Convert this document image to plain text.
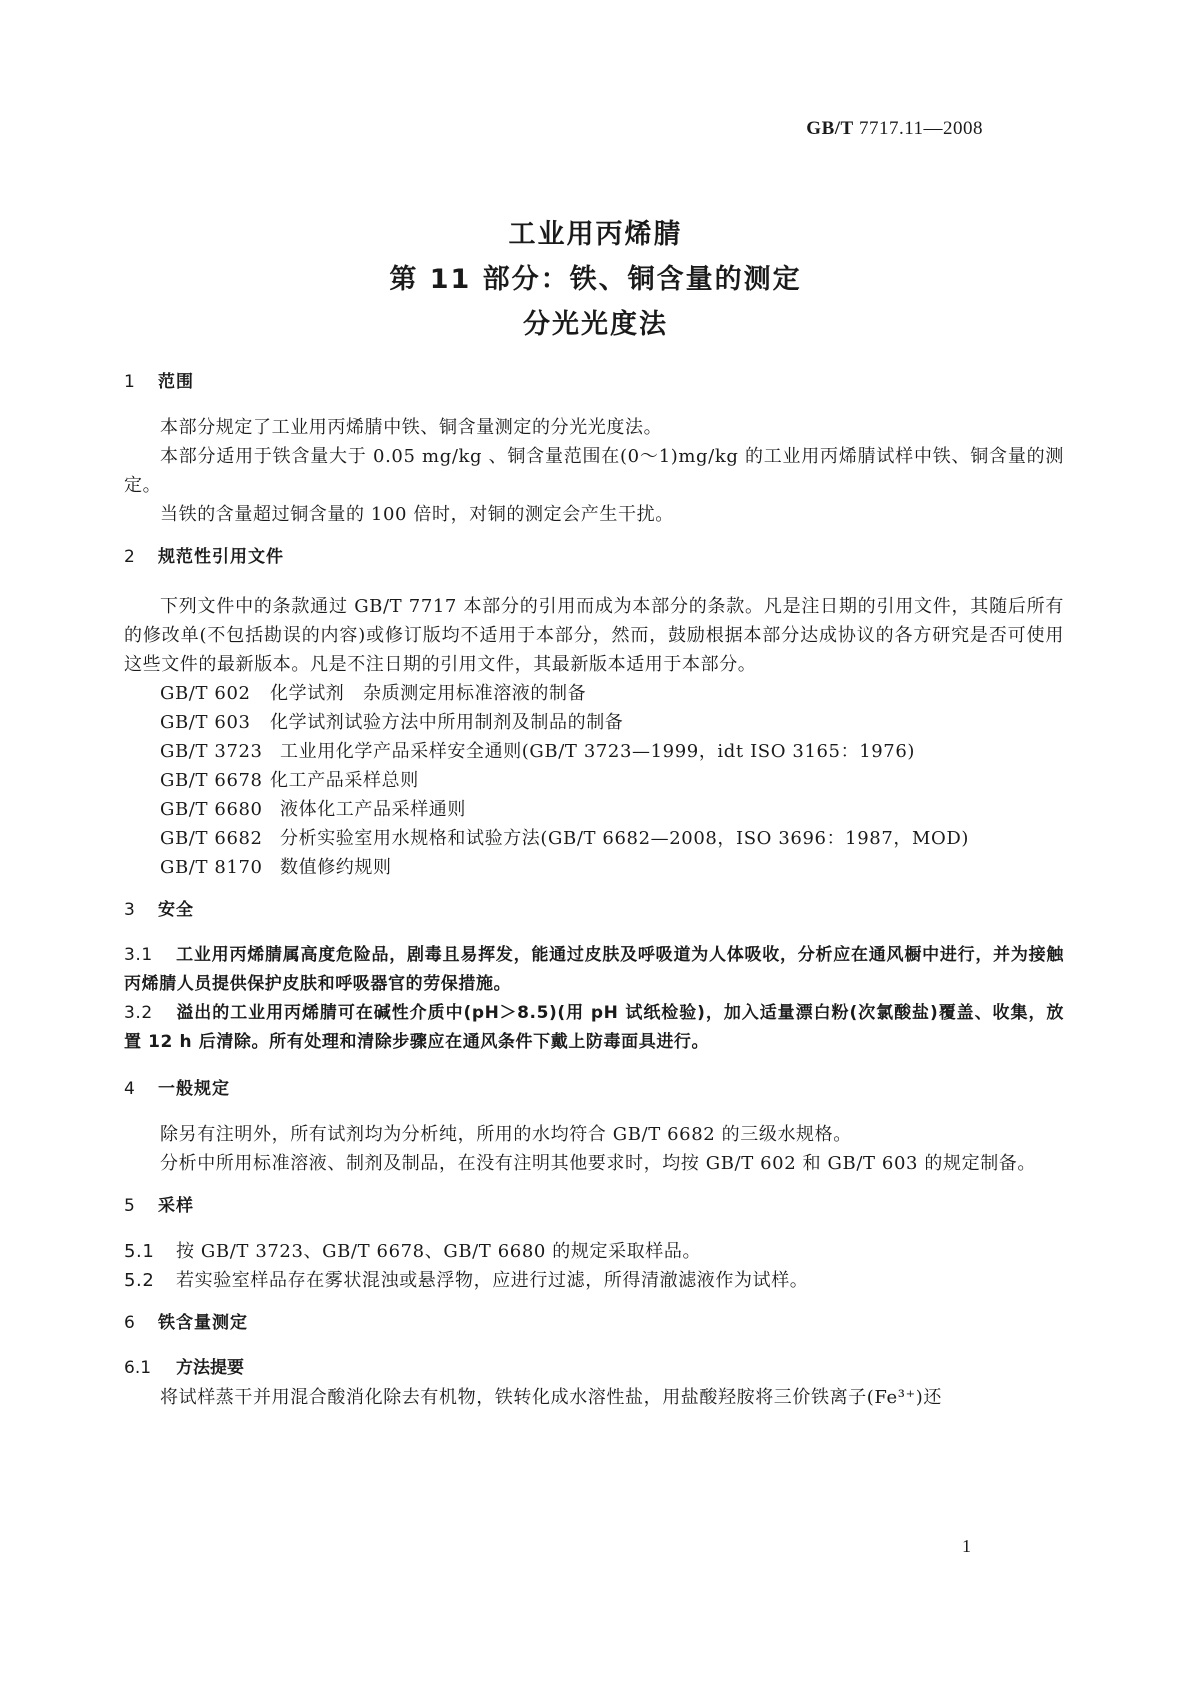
GB/T 7717.11—2008
工业用丙烯腈
第 11 部分：铁、铜含量的测定
分光光度法

1 范围

本部分规定了工业用丙烯腈中铁、铜含量测定的分光光度法。

本部分适用于铁含量大于 0.05 mg/kg 、铜含量范围在(0～1)mg/kg 的工业用丙烯腈试样中铁、铜含量的测定。

当铁的含量超过铜含量的 100 倍时，对铜的测定会产生干扰。

2 规范性引用文件

下列文件中的条款通过 GB/T 7717 本部分的引用而成为本部分的条款。凡是注日期的引用文件，其随后所有的修改单(不包括勘误的内容)或修订版均不适用于本部分，然而，鼓励根据本部分达成协议的各方研究是否可使用这些文件的最新版本。凡是不注日期的引用文件，其最新版本适用于本部分。

GB/T 602 化学试剂　杂质测定用标准溶液的制备

GB/T 603 化学试剂试验方法中所用制剂及制品的制备

GB/T 3723 工业用化学产品采样安全通则(GB/T 3723—1999，idt ISO 3165：1976)

GB/T 6678 化工产品采样总则

GB/T 6680 液体化工产品采样通则

GB/T 6682 分析实验室用水规格和试验方法(GB/T 6682—2008，ISO 3696：1987，MOD)

GB/T 8170 数值修约规则

3 安全

3.1 工业用丙烯腈属高度危险品，剧毒且易挥发，能通过皮肤及呼吸道为人体吸收，分析应在通风橱中进行，并为接触丙烯腈人员提供保护皮肤和呼吸器官的劳保措施。

3.2 溢出的工业用丙烯腈可在碱性介质中(pH＞8.5)(用 pH 试纸检验)，加入适量漂白粉(次氯酸盐)覆盖、收集，放置 12 h 后清除。所有处理和清除步骤应在通风条件下戴上防毒面具进行。

4 一般规定

除另有注明外，所有试剂均为分析纯，所用的水均符合 GB/T 6682 的三级水规格。

分析中所用标准溶液、制剂及制品，在没有注明其他要求时，均按 GB/T 602 和 GB/T 603 的规定制备。

5 采样

5.1 按 GB/T 3723、GB/T 6678、GB/T 6680 的规定采取样品。

5.2 若实验室样品存在雾状混浊或悬浮物，应进行过滤，所得清澈滤液作为试样。

6 铁含量测定

6.1 方法提要

将试样蒸干并用混合酸消化除去有机物，铁转化成水溶性盐，用盐酸羟胺将三价铁离子(Fe³⁺)还

1
